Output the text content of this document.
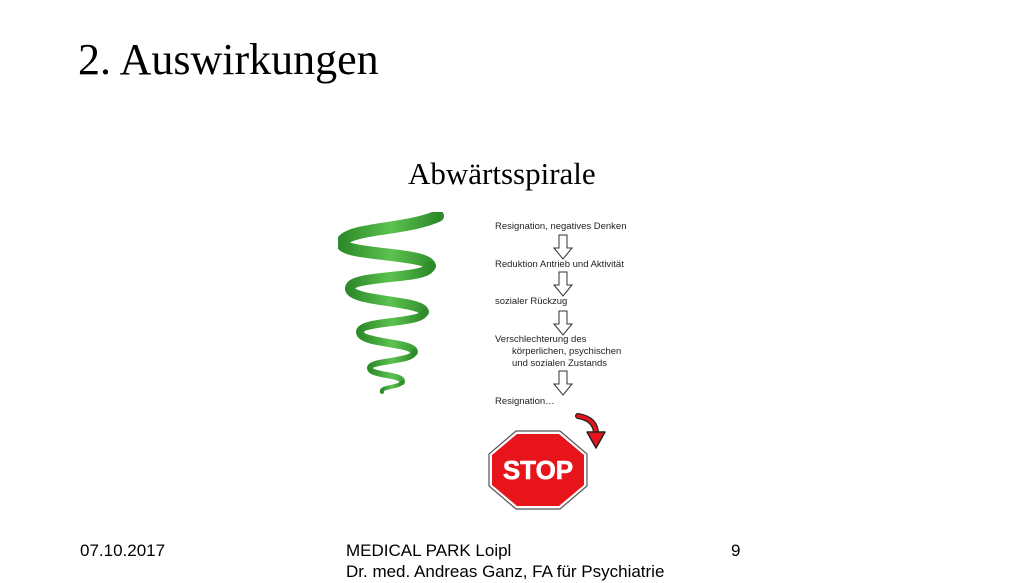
2. Auswirkungen
Abwärtsspirale
Resignation, negatives Denken
Reduktion Antrieb und Aktivität
sozialer Rückzug
Verschlechterung des
körperlichen, psychischen
und sozialen Zustands
Resignation…
STOP
07.10.2017	MEDICAL PARK Loipl
Dr. med. Andreas Ganz, FA für Psychiatrie
9
